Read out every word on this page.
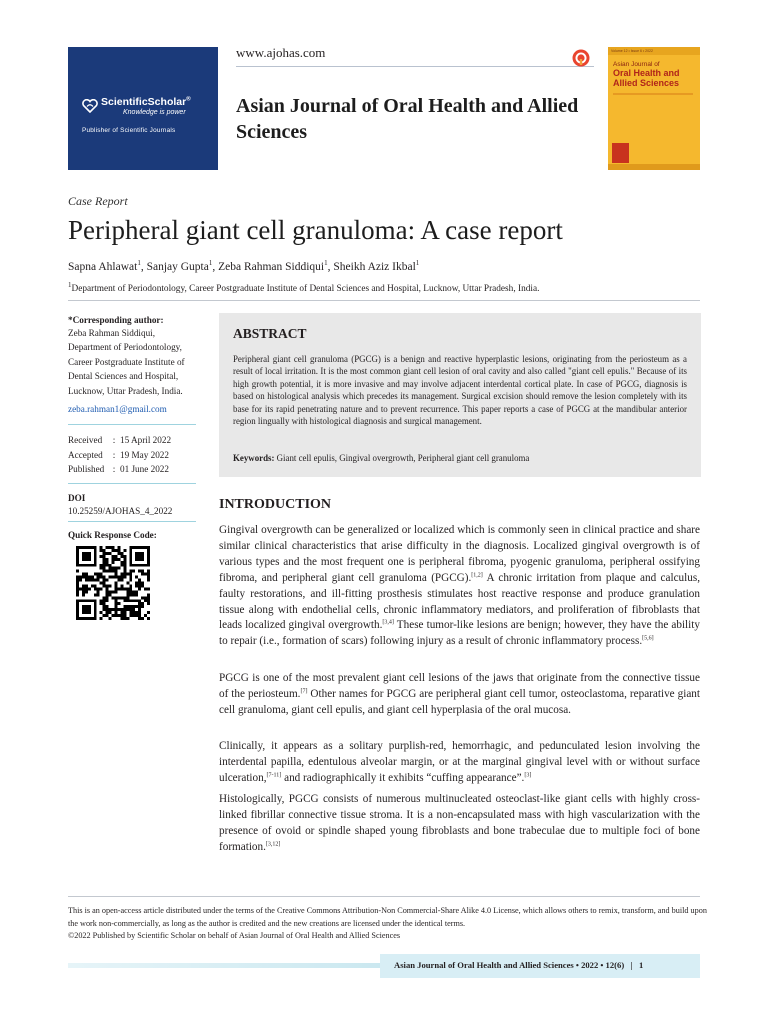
ScientificScholar®
Knowledge is power
Publisher of Scientific Journals
www.ajohas.com
Asian Journal of Oral Health and Allied Sciences
Volume 12 • Issue 6 • 2022
Asian Journal of
Oral Health and Allied Sciences
Case Report
Peripheral giant cell granuloma: A case report
Sapna Ahlawat$^1$, Sanjay Gupta$^1$, Zeba Rahman Siddiqui$^1$, Sheikh Aziz Ikbal$^1$
$^1$Department of Periodontology, Career Postgraduate Institute of Dental Sciences and Hospital, Lucknow, Uttar Pradesh, India.
*Corresponding author:
Zeba Rahman Siddiqui,
Department of Periodontology, Career Postgraduate Institute of Dental Sciences and Hospital, Lucknow, Uttar Pradesh, India.
zeba.rahman1@gmail.com
Received	: 15 April 2022
Accepted	: 19 May 2022
Published : 01 June 2022
DOI
10.25259/AJOHAS_4_2022
Quick Response Code:
ABSTRACT
Peripheral giant cell granuloma (PGCG) is a benign and reactive hyperplastic lesions, originating from the periosteum as a result of local irritation. It is the most common giant cell lesion of oral cavity and also called "giant cell epulis." Because of its high growth potential, it is more invasive and may involve adjacent interdental cortical plate. In case of PGCG, diagnosis is based on histological analysis which precedes its management. Surgical excision should remove the lesion completely with its base for its rapid penetrating nature and to prevent recurrence. This paper reports a case of PGCG at the mandibular anterior region lingually with histological diagnosis and surgical management.
Keywords: Giant cell epulis, Gingival overgrowth, Peripheral giant cell granuloma
INTRODUCTION
Gingival overgrowth can be generalized or localized which is commonly seen in clinical practice and share similar clinical characteristics that arise difficulty in the diagnosis. Localized gingival overgrowth is of various types and the most frequent one is peripheral fibroma, pyogenic granuloma, peripheral ossifying fibroma, and peripheral giant cell granuloma (PGCG).[1,2] A chronic irritation from plaque and calculus, faulty restorations, and ill-fitting prosthesis stimulates host reactive response and produce granulation tissue along with endothelial cells, chronic inflammatory mediators, and proliferation of fibroblasts that leads localized gingival overgrowth.[3,4] These tumor-like lesions are benign; however, they have the ability to repair (i.e., formation of scars) following injury as a result of chronic inflammatory process.[5,6]
PGCG is one of the most prevalent giant cell lesions of the jaws that originate from the connective tissue of the periosteum.[7] Other names for PGCG are peripheral giant cell tumor, osteoclastoma, reparative giant cell granuloma, giant cell epulis, and giant cell hyperplasia of the oral mucosa.
Clinically, it appears as a solitary purplish-red, hemorrhagic, and pedunculated lesion involving the interdental papilla, edentulous alveolar margin, or at the marginal gingival level with or without surface ulceration,[7-11] and radiographically it exhibits “cuffing appearance”.[3]
Histologically, PGCG consists of numerous multinucleated osteoclast-like giant cells with highly cross-linked fibrillar connective tissue stroma. It is a non-encapsulated mass with high vascularization with the presence of ovoid or spindle shaped young fibroblasts and bone trabeculae due to multiple foci of bone formation.[3,12]
This is an open-access article distributed under the terms of the Creative Commons Attribution-Non Commercial-Share Alike 4.0 License, which allows others to remix, transform, and build upon the work non-commercially, as long as the author is credited and the new creations are licensed under the identical terms.
©2022 Published by Scientific Scholar on behalf of Asian Journal of Oral Health and Allied Sciences
Asian Journal of Oral Health and Allied Sciences • 2022 • 12(6) | 1
